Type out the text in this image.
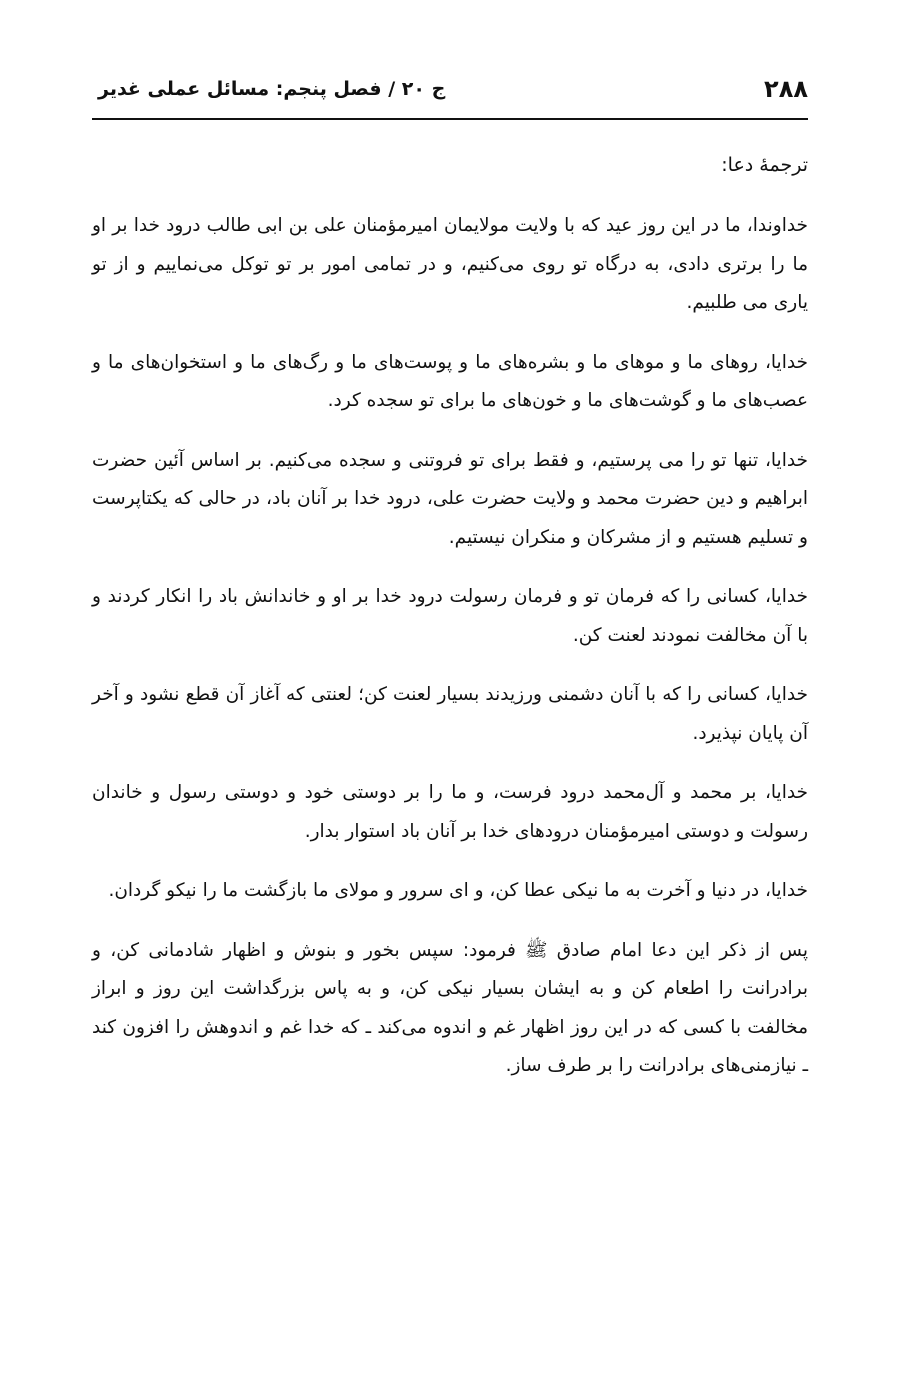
۲۸۸
ج ۲۰ / فصل پنجم: مسائل عملی غدیر

ترجمهٔ دعا:

خداوندا، ما در این روز عید که با ولایت مولایمان امیرمؤمنان علی بن ابی طالب درود خدا بر او ما را برتری دادی، به درگاه تو روی می‌کنیم، و در تمامی امور بر تو توکل می‌نماییم و از تو یاری می طلبیم.

خدایا، روهای ما و موهای ما و بشره‌های ما و پوست‌های ما و رگ‌های ما و استخوان‌های ما و عصب‌های ما و گوشت‌های ما و خون‌های ما برای تو سجده کرد.

خدایا، تنها تو را می پرستیم، و فقط برای تو فروتنی و سجده می‌کنیم. بر اساس آئین حضرت ابراهیم و دین حضرت محمد و ولایت حضرت علی، درود خدا بر آنان باد، در حالی که یکتاپرست و تسلیم هستیم و از مشرکان و منکران نیستیم.

خدایا، کسانی را که فرمان تو و فرمان رسولت درود خدا بر او و خاندانش باد را انکار کردند و با آن مخالفت نمودند لعنت کن.

خدایا، کسانی را که با آنان دشمنی ورزیدند بسیار لعنت کن؛ لعنتی که آغاز آن قطع نشود و آخر آن پایان نپذیرد.

خدایا، بر محمد و آل‌محمد درود فرست، و ما را بر دوستی خود و دوستی رسول و خاندان رسولت و دوستی امیرمؤمنان درودهای خدا بر آنان باد استوار بدار.

خدایا، در دنیا و آخرت به ما نیکی عطا کن، و ای سرور و مولای ما بازگشت ما را نیکو گردان.

پس از ذکر این دعا امام صادق ﷺ فرمود: سپس بخور و بنوش و اظهار شادمانی کن، و برادرانت را اطعام کن و به ایشان بسیار نیکی کن، و به پاس بزرگداشت این روز و ابراز مخالفت با کسی که در این روز اظهار غم و اندوه می‌کند ـ که خدا غم و اندوهش را افزون کند ـ نیازمنی‌های برادرانت را بر طرف ساز.
